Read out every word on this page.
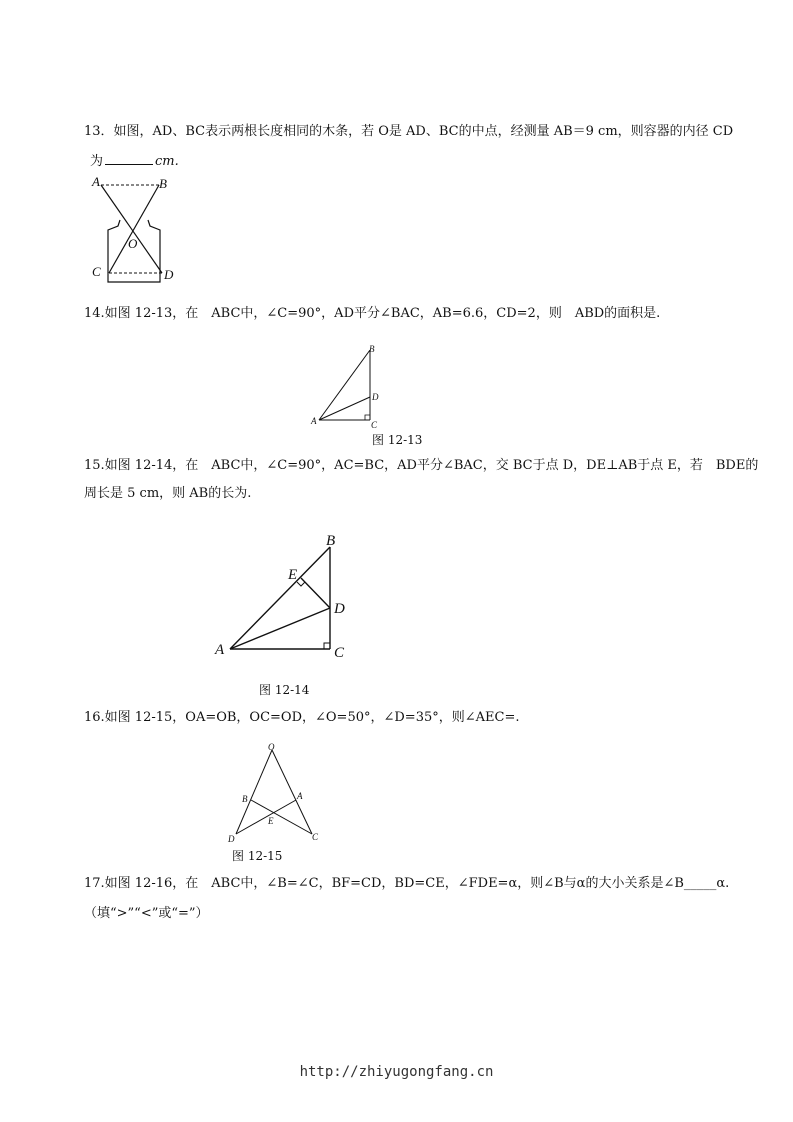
13．如图，AD、BC表示两根长度相同的木条，若 O是 AD、BC的中点，经测量 AB＝9 cm，则容器的内径 CD
为	cm.
A	B
O
C	D
14.如图 12-13，在　ABC中，∠C=90°，AD平分∠BAC，AB=6.6，CD=2，则　ABD的面积是.
B
D
A	C
图 12-13
15.如图 12-14，在　ABC中，∠C=90°，AC=BC，AD平分∠BAC，交 BC于点 D，DE⊥AB于点 E，若　BDE的
周长是 5 cm，则 AB的长为.
B
E
D
A	C
图 12-14
16.如图 12-15，OA=OB，OC=OD，∠O=50°，∠D=35°，则∠AEC=.
O
B	A
E
D	C
图 12-15
17.如图 12-16，在　ABC中，∠B=∠C，BF=CD，BD=CE，∠FDE=α，则∠B与α的大小关系是∠B_____α.
（填“>”“<”或“=”）
http://zhiyugongfang.cn
